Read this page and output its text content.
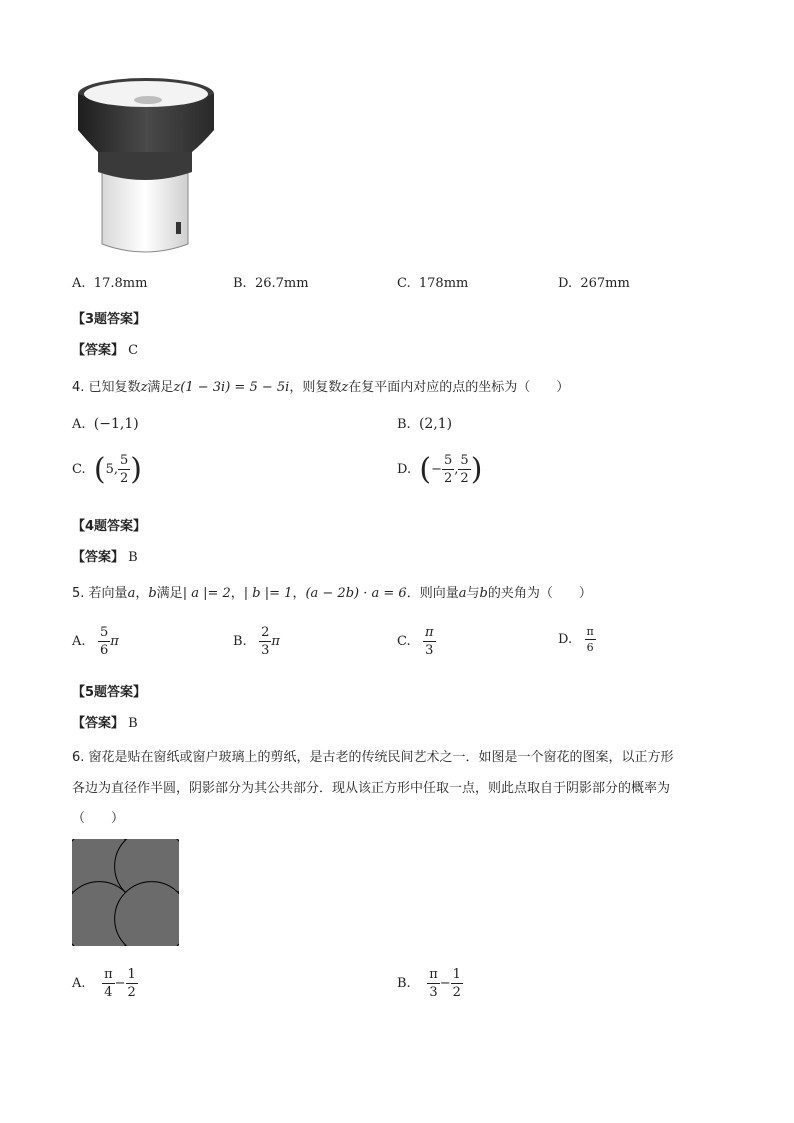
A.
17.8mm	B.
26.7mm	C.
178mm	D.
267mm
【3题答案】
【答案】 C
4. 已知复数z满足z(1 − 3i) = 5 − 5i，则复数z在复平面内对应的点的坐标为（　　）
A. (−1,1)	B. (2,1)
C.
( 5, $\frac{5}{2}$ )	D.
( − $\frac{5}{2}$ , $\frac{5}{2}$ )
【4题答案】
【答案】 B
5. 若向量a，b满足| a |= 2，| b |= 1，(a − 2b) · a = 6．则向量a与b的夹角为（　　）
A.
$\frac{5}{6}$ π	B.
$\frac{2}{3}$ π	C.
$\frac{\pi}{3}$	D.
$\frac{\pi}{6}$
【5题答案】
【答案】 B
6. 窗花是贴在窗纸或窗户玻璃上的剪纸，是古老的传统民间艺术之一．如图是一个窗花的图案，以正方形
各边为直径作半圆，阴影部分为其公共部分．现从该正方形中任取一点，则此点取自于阴影部分的概率为
（　　）
A.
$\frac{\pi}{4} - \frac{1}{2}$	B.
$\frac{\pi}{3} - \frac{1}{2}$
